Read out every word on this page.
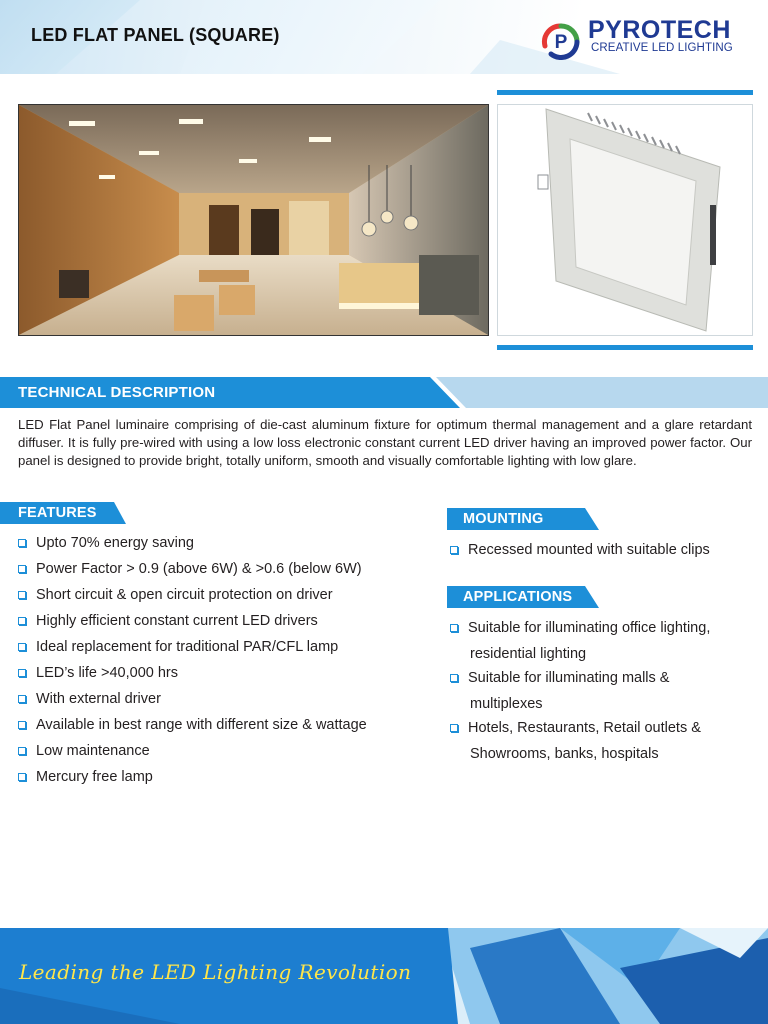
LED FLAT PANEL (SQUARE)	P PYROTECH
CREATIVE LED LIGHTING
TECHNICAL DESCRIPTION
LED Flat Panel luminaire comprising of die-cast aluminum fixture for optimum thermal management and a glare retardant diffuser. It is fully pre-wired with using a low loss electronic constant current LED driver having an improved power factor. Our panel is designed to provide bright, totally uniform, smooth and visually comfortable lighting with low glare.
FEATURES
Upto 70% energy saving
Power Factor > 0.9 (above 6W) & >0.6 (below 6W)
Short circuit & open circuit protection on driver
Highly efficient constant current LED drivers
Ideal replacement for traditional PAR/CFL lamp
LED’s life >40,000 hrs
With external driver
Available in best range with different size & wattage
Low maintenance
Mercury free lamp
MOUNTING
Recessed mounted with suitable clips
APPLICATIONS
Suitable for illuminating office lighting,
residential lighting
Suitable for illuminating malls &
multiplexes
Hotels, Restaurants, Retail outlets &
Showrooms, banks, hospitals
Leading the LED Lighting Revolution
